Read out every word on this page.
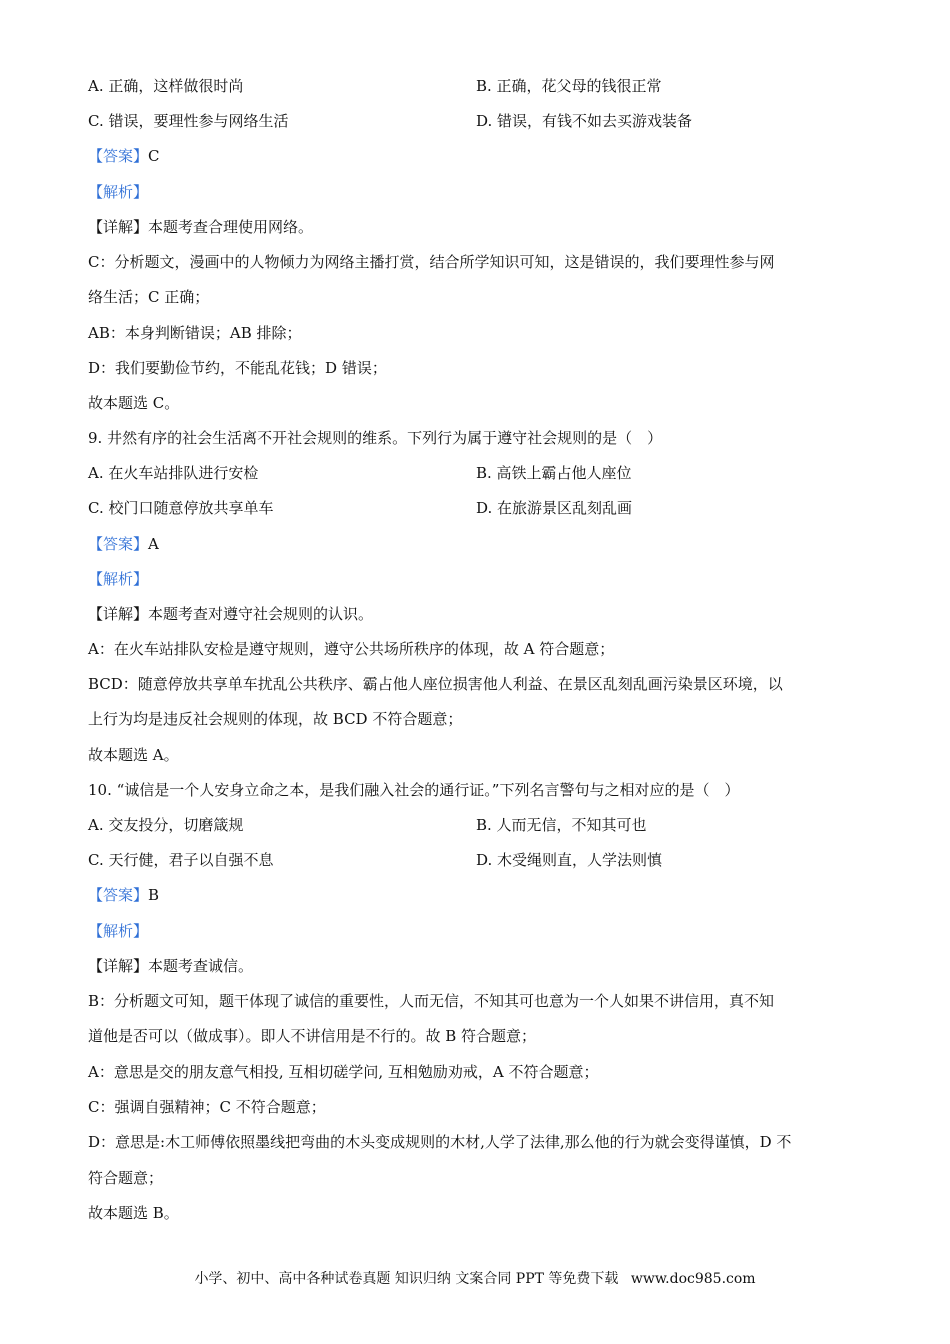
A. 正确，这样做很时尚	B. 正确，花父母的钱很正常
C. 错误，要理性参与网络生活	D. 错误，有钱不如去买游戏装备
【答案】C
【解析】
【详解】本题考查合理使用网络。
C：分析题文，漫画中的人物倾力为网络主播打赏，结合所学知识可知，这是错误的，我们要理性参与网
络生活；C 正确；
AB：本身判断错误；AB 排除；
D：我们要勤俭节约，不能乱花钱；D 错误；
故本题选 C。
9. 井然有序的社会生活离不开社会规则的维系。下列行为属于遵守社会规则的是（　）
A. 在火车站排队进行安检	B. 高铁上霸占他人座位
C. 校门口随意停放共享单车	D. 在旅游景区乱刻乱画
【答案】A
【解析】
【详解】本题考查对遵守社会规则的认识。
A：在火车站排队安检是遵守规则，遵守公共场所秩序的体现，故 A 符合题意；
BCD：随意停放共享单车扰乱公共秩序、霸占他人座位损害他人利益、在景区乱刻乱画污染景区环境，以
上行为均是违反社会规则的体现，故 BCD 不符合题意；
故本题选 A。
10. “诚信是一个人安身立命之本，是我们融入社会的通行证。”下列名言警句与之相对应的是（　）
A. 交友投分，切磨箴规	B. 人而无信，不知其可也
C. 天行健，君子以自强不息	D. 木受绳则直，人学法则慎
【答案】B
【解析】
【详解】本题考查诚信。
B：分析题文可知，题干体现了诚信的重要性，人而无信，不知其可也意为一个人如果不讲信用，真不知
道他是否可以（做成事）。即人不讲信用是不行的。故 B 符合题意；
A：意思是交的朋友意气相投, 互相切磋学问, 互相勉励劝戒，A 不符合题意；
C：强调自强精神；C 不符合题意；
D：意思是:木工师傅依照墨线把弯曲的木头变成规则的木材,人学了法律,那么他的行为就会变得谨慎，D 不
符合题意；
故本题选 B。
小学、初中、高中各种试卷真题 知识归纳 文案合同 PPT 等免费下载 www.doc985.com
